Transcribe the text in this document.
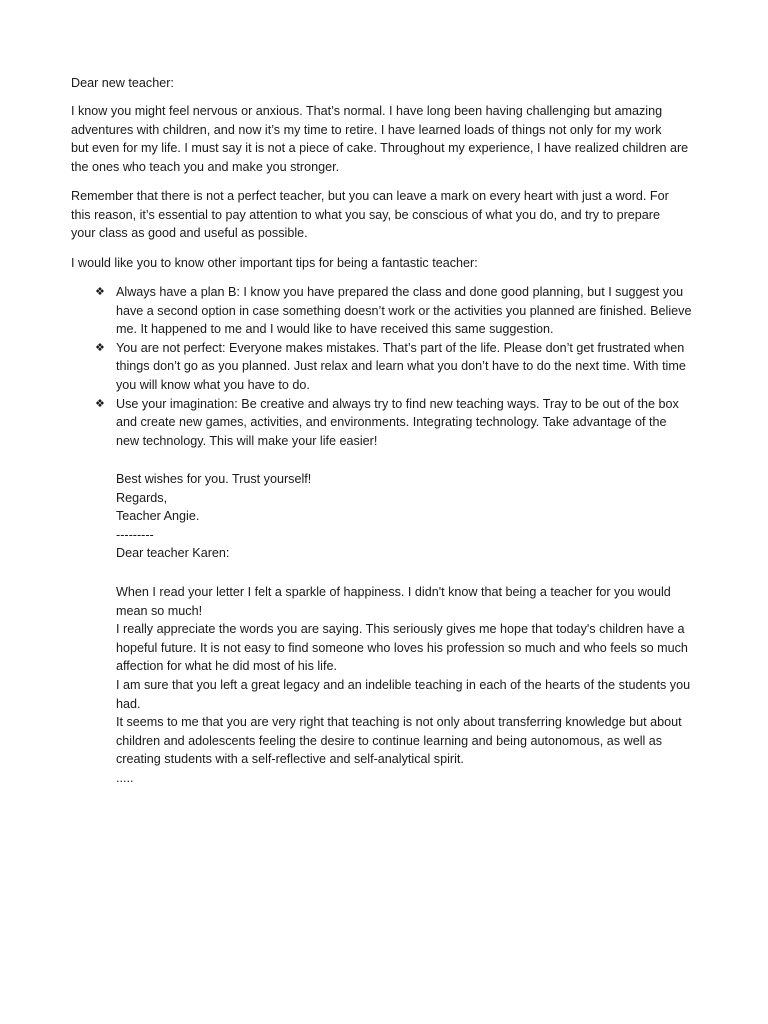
Dear new teacher:

I know you might feel nervous or anxious. That’s normal. I have long been having challenging but amazing
adventures with children, and now it’s my time to retire. I have learned loads of things not only for my work
but even for my life. I must say it is not a piece of cake. Throughout my experience, I have realized children are
the ones who teach you and make you stronger.

Remember that there is not a perfect teacher, but you can leave a mark on every heart with just a word. For
this reason, it’s essential to pay attention to what you say, be conscious of what you do, and try to prepare
your class as good and useful as possible.

I would like you to know other important tips for being a fantastic teacher:

❖ Always have a plan B: I know you have prepared the class and done good planning, but I suggest you
have a second option in case something doesn’t work or the activities you planned are finished. Believe
me. It happened to me and I would like to have received this same suggestion.
❖ You are not perfect: Everyone makes mistakes. That’s part of the life. Please don’t get frustrated when
things don’t go as you planned. Just relax and learn what you don’t have to do the next time. With time
you will know what you have to do.
❖ Use your imagination: Be creative and always try to find new teaching ways. Tray to be out of the box
and create new games, activities, and environments. Integrating technology. Take advantage of the
new technology. This will make your life easier!

Best wishes for you. Trust yourself!
Regards,
Teacher Angie.
---------
Dear teacher Karen:

When I read your letter I felt a sparkle of happiness. I didn't know that being a teacher for you would
mean so much!
I really appreciate the words you are saying. This seriously gives me hope that today's children have a
hopeful future. It is not easy to find someone who loves his profession so much and who feels so much
affection for what he did most of his life.
I am sure that you left a great legacy and an indelible teaching in each of the hearts of the students you
had.
It seems to me that you are very right that teaching is not only about transferring knowledge but about
children and adolescents feeling the desire to continue learning and being autonomous, as well as
creating students with a self-reflective and self-analytical spirit.
.....
